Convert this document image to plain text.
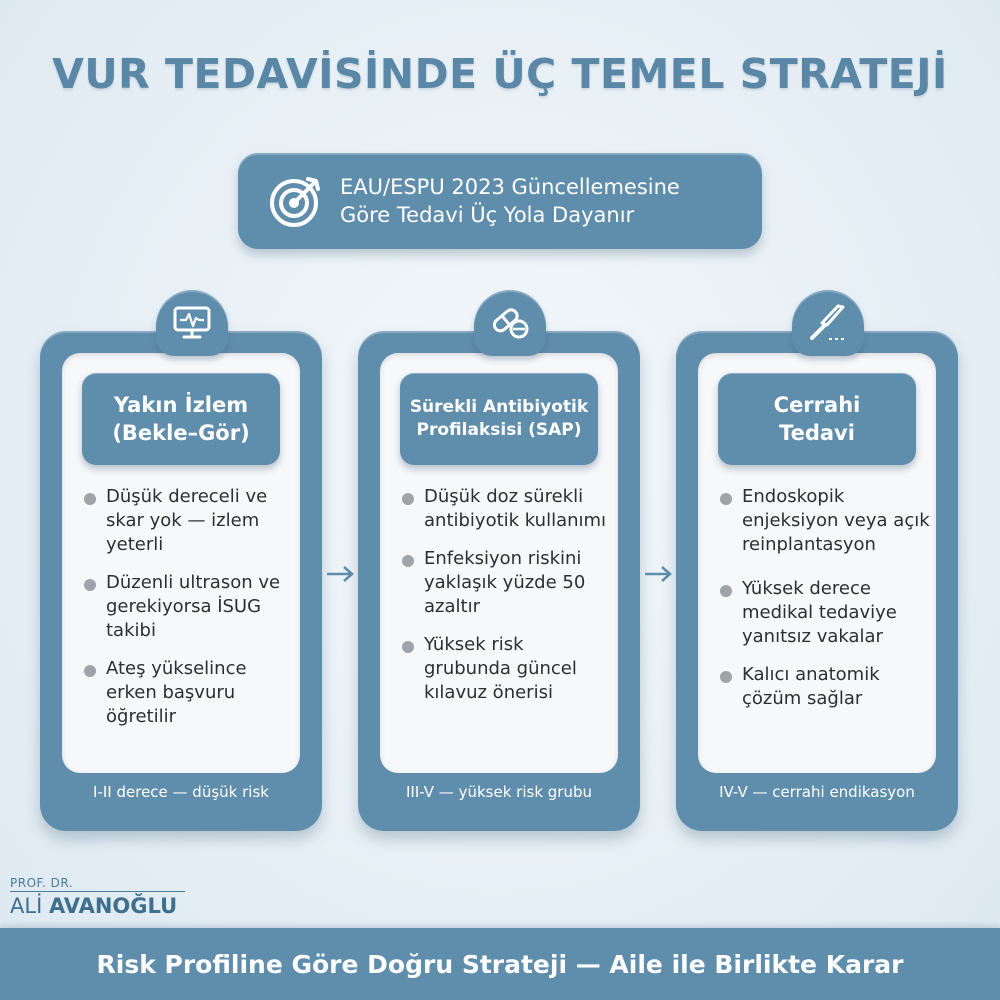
VUR TEDAVİSİNDE ÜÇ TEMEL STRATEJİ
EAU/ESPU 2023 Güncellemesine
Göre Tedavi Üç Yola Dayanır
Yakın İzlem
(Bekle–Gör)
Düşük dereceli ve skar yok — izlem yeterli
Düzenli ultrason ve gerekiyorsa İSUG takibi
Ateş yükselince erken başvuru öğretilir
I-II derece — düşük risk
Sürekli Antibiyotik
Profilaksisi (SAP)
Düşük doz sürekli antibiyotik kullanımı
Enfeksiyon riskini yaklaşık yüzde 50 azaltır
Yüksek risk grubunda güncel kılavuz önerisi
III-V — yüksek risk grubu
Cerrahi
Tedavi
Endoskopik enjeksiyon veya açık reinplantasyon
Yüksek derece medikal tedaviye yanıtsız vakalar
Kalıcı anatomik çözüm sağlar
IV-V — cerrahi endikasyon
PROF. DR.
ALİ AVANOĞLU
Risk Profiline Göre Doğru Strateji — Aile ile Birlikte Karar
